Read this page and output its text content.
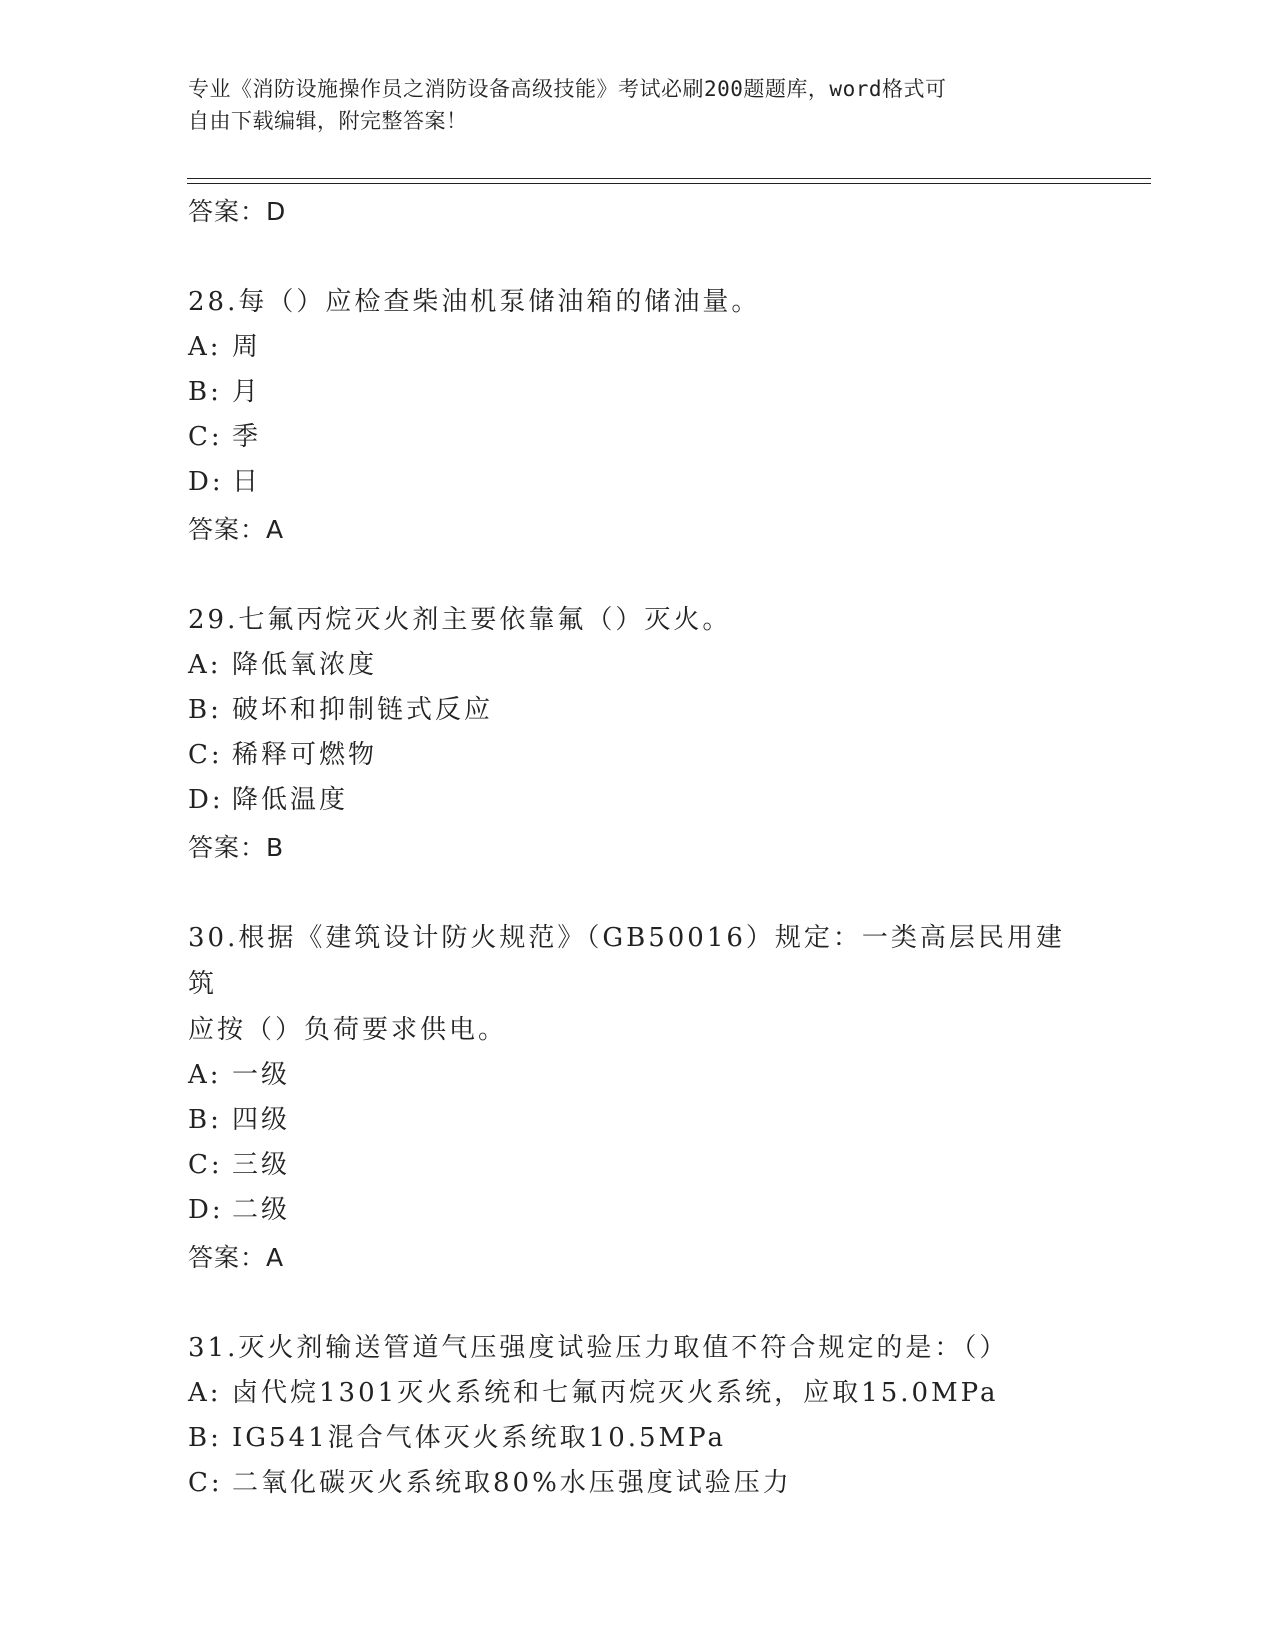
专业《消防设施操作员之消防设备高级技能》考试必刷200题题库，word格式可
自由下载编辑，附完整答案！
答案：D
28.每（）应检查柴油机泵储油箱的储油量。
A: 周
B: 月
C: 季
D: 日
答案：A
29.七氟丙烷灭火剂主要依靠氟（）灭火。
A: 降低氧浓度
B: 破坏和抑制链式反应
C: 稀释可燃物
D: 降低温度
答案：B
30.根据《建筑设计防火规范》（GB50016）规定：一类高层民用建筑
应按（）负荷要求供电。
A: 一级
B: 四级
C: 三级
D: 二级
答案：A
31.灭火剂输送管道气压强度试验压力取值不符合规定的是：（）
A: 卤代烷1301灭火系统和七氟丙烷灭火系统，应取15.0MPa
B: IG541混合气体灭火系统取10.5MPa
C: 二氧化碳灭火系统取80%水压强度试验压力
